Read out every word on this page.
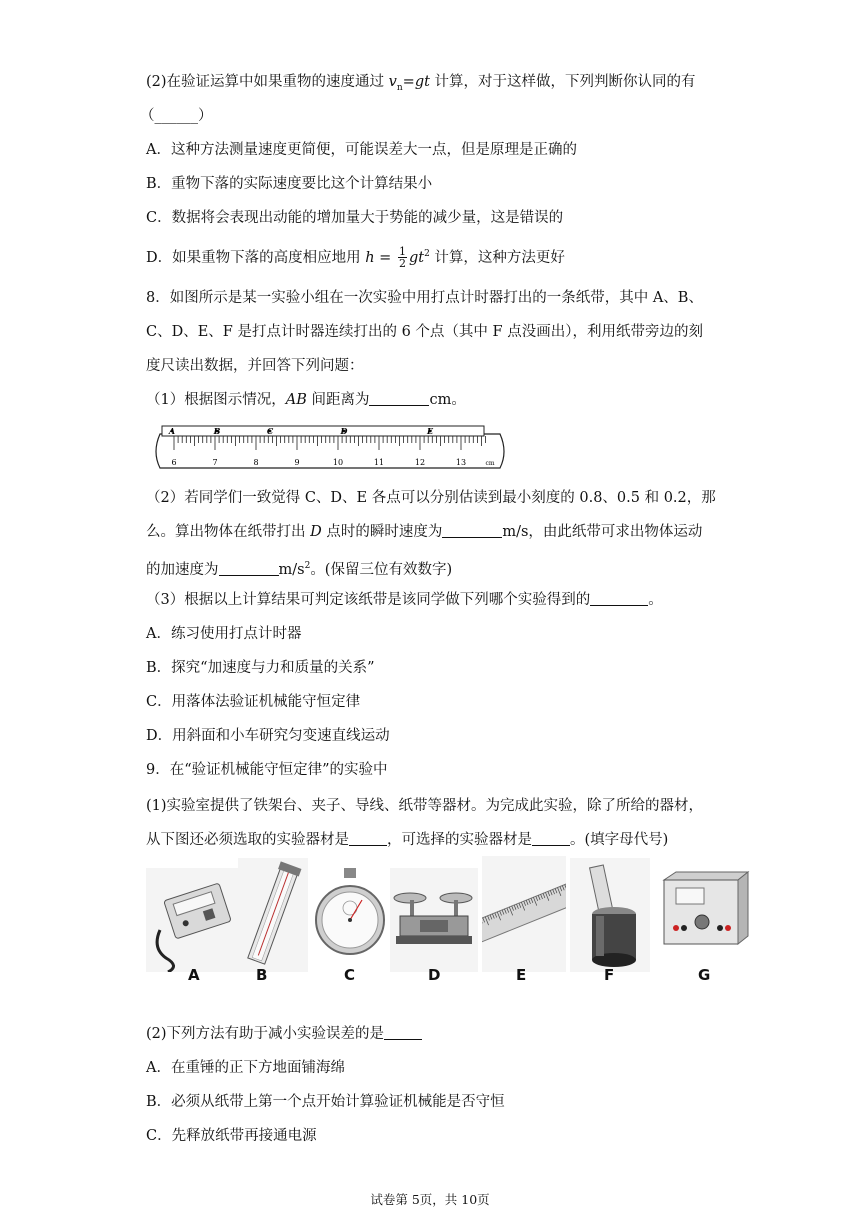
(2)在验证运算中如果重物的速度通过 $v_n=gt$ 计算，对于这样做，下列判断你认同的有
（______）
A．这种方法测量速度更简便，可能误差大一点，但是原理是正确的
B．重物下落的实际速度要比这个计算结果小
C．数据将会表现出动能的增加量大于势能的减少量，这是错误的
D．如果重物下落的高度相应地用 $h = \frac{1}{2} gt^2$ 计算，这种方法更好
8．如图所示是某一实验小组在一次实验中用打点计时器打出的一条纸带，其中 A、B、
C、D、E、F 是打点计时器连续打出的 6 个点（其中 F 点没画出），利用纸带旁边的刻
度尺读出数据，并回答下列问题：
（1）根据图示情况，AB 间距离为	cm。
A	B	C	D	E
6	7	8	9	10	11	12	13	cm
（2）若同学们一致觉得 C、D、E 各点可以分别估读到最小刻度的 0.8、0.5 和 0.2，那
么。算出物体在纸带打出 D 点时的瞬时速度为	m/s，由此纸带可求出物体运动
的加速度为	$m/s^2$。(保留三位有效数字)
（3）根据以上计算结果可判定该纸带是该同学做下列哪个实验得到的	。
A．练习使用打点计时器
B．探究“加速度与力和质量的关系”
C．用落体法验证机械能守恒定律
D．用斜面和小车研究匀变速直线运动
9．在“验证机械能守恒定律”的实验中
(1)实验室提供了铁架台、夹子、导线、纸带等器材。为完成此实验，除了所给的器材，
从下图还必须选取的实验器材是	，可选择的实验器材是	。(填字母代号)
A	B	C	D	E	F	G
(2)下列方法有助于减小实验误差的是
A．在重锤的正下方地面铺海绵
B．必须从纸带上第一个点开始计算验证机械能是否守恒
C．先释放纸带再接通电源
试卷第 5页，共 10页
